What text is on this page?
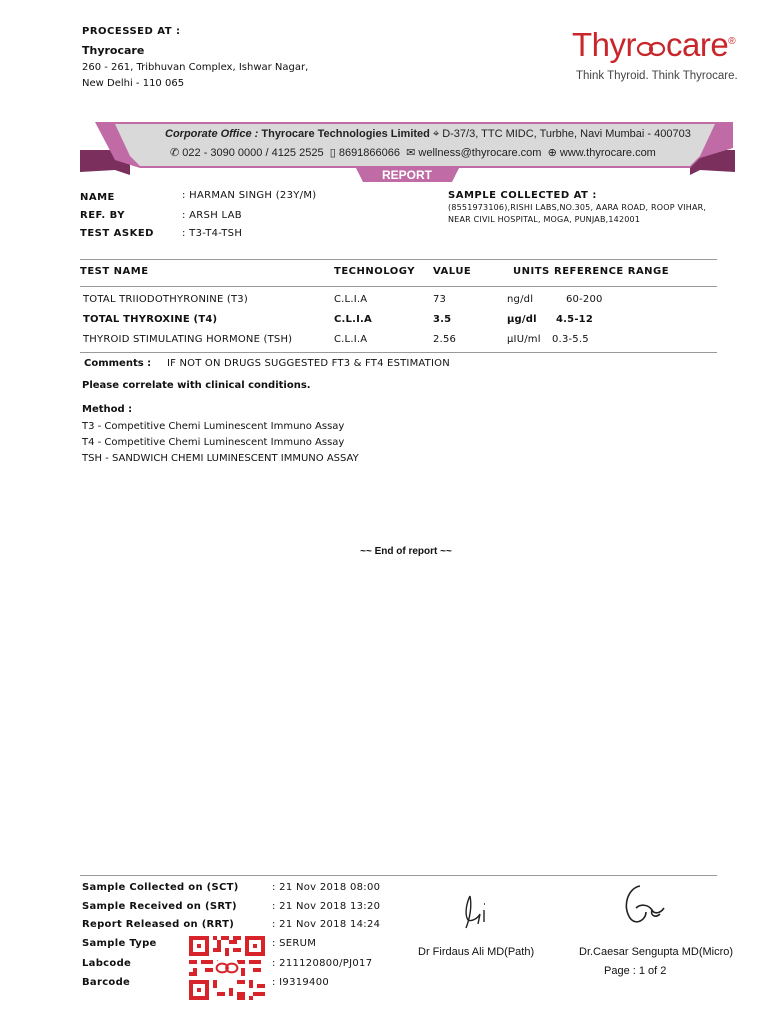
PROCESSED AT :
Thyrocare
260 - 261, Tribhuvan Complex, Ishwar Nagar,
New Delhi - 110 065
Thyr care®
Think Thyroid. Think Thyrocare.
Corporate Office : Thyrocare Technologies Limited ⌖ D-37/3, TTC MIDC, Turbhe, Navi Mumbai - 400703
✆ 022 - 3090 0000 / 4125 2525 ▯ 8691866066 ✉ wellness@thyrocare.com ⊕ www.thyrocare.com
REPORT
NAME	: HARMAN SINGH (23Y/M)
REF. BY	: ARSH LAB
TEST ASKED	: T3-T4-TSH
SAMPLE COLLECTED AT :
(8551973106),RISHI LABS,NO.305, AARA ROAD, ROOP VIHAR,
NEAR CIVIL HOSPITAL, MOGA, PUNJAB,142001
TEST NAME	TECHNOLOGY VALUE	UNITS REFERENCE RANGE
TOTAL TRIIODOTHYRONINE (T3)	C.L.I.A	73	ng/dl	60-200
TOTAL THYROXINE (T4)	C.L.I.A	3.5	µg/dl 4.5-12
THYROID STIMULATING HORMONE (TSH)	C.L.I.A	2.56	µIU/ml 0.3-5.5
Comments : IF NOT ON DRUGS SUGGESTED FT3 & FT4 ESTIMATION
Please correlate with clinical conditions.
Method :
T3 - Competitive Chemi Luminescent Immuno Assay
T4 - Competitive Chemi Luminescent Immuno Assay
TSH - SANDWICH CHEMI LUMINESCENT IMMUNO ASSAY
~~ End of report ~~
Sample Collected on (SCT)	: 21 Nov 2018 08:00
Sample Received on (SRT)	: 21 Nov 2018 13:20
Report Released on (RRT)	: 21 Nov 2018 14:24
Sample Type	: SERUM
Labcode	: 211120800/PJ017
Barcode	: I9319400
Dr Firdaus Ali MD(Path)	Dr.Caesar Sengupta MD(Micro)
Page : 1 of 2
